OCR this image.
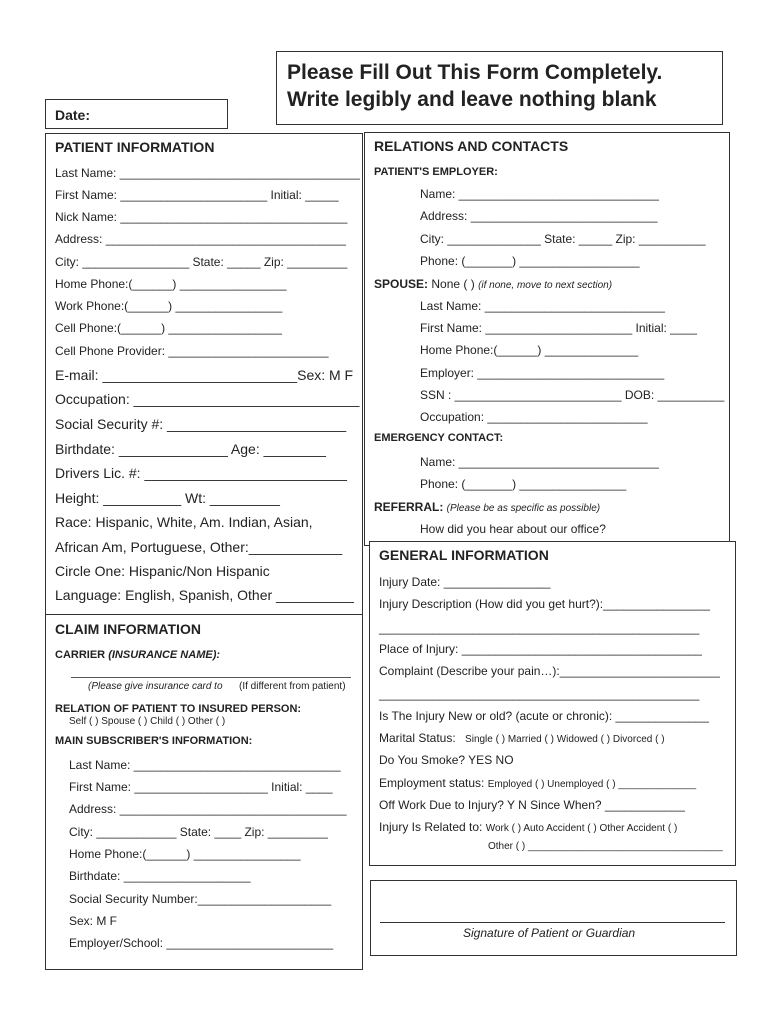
Please Fill Out This Form Completely.
Write legibly and leave nothing blank
Date:
PATIENT INFORMATION
Last Name: ____________________________________
First Name: ______________________ Initial: _____
Nick Name: __________________________________
Address: ____________________________________
City: ________________ State: _____ Zip: _________
Home Phone:(______) ________________
Work Phone:(______) ________________
Cell Phone:(______) _________________
Cell Phone Provider: ________________________
E-mail: _________________________Sex: M F
Occupation: _____________________________
Social Security #: _______________________
Birthdate: ______________ Age: ________
Drivers Lic. #: __________________________
Height: __________ Wt: _________
Race: Hispanic, White, Am. Indian, Asian,
African Am, Portuguese, Other:____________
Circle One: Hispanic/Non Hispanic
Language: English, Spanish, Other __________
CLAIM INFORMATION
CARRIER (INSURANCE NAME):
(Please give insurance card to (If different from patient)
RELATION OF PATIENT TO INSURED PERSON:
Self ( ) Spouse ( ) Child ( ) Other ( )
MAIN SUBSCRIBER'S INFORMATION:
Last Name: _______________________________
First Name: ____________________ Initial: ____
Address: __________________________________
City: ____________ State: ____ Zip: _________
Home Phone:(______) ________________
Birthdate: ___________________
Social Security Number:____________________
Sex: M F
Employer/School: _________________________
RELATIONS AND CONTACTS
PATIENT'S EMPLOYER:
Name: ______________________________
Address: ____________________________
City: ______________ State: _____ Zip: __________
Phone: (_______) __________________
SPOUSE: None ( ) (if none, move to next section)
Last Name: ___________________________
First Name: ______________________ Initial: ____
Home Phone:(______) ______________
Employer: ____________________________
SSN : _________________________ DOB: __________
Occupation: ________________________
EMERGENCY CONTACT:
Name: ______________________________
Phone: (_______) ________________
REFERRAL: (Please be as specific as possible)
How did you hear about our office?
GENERAL INFORMATION
Injury Date: ________________
Injury Description (How did you get hurt?):________________
________________________________________________
Place of Injury: ____________________________________
Complaint (Describe your pain…):________________________
________________________________________________
Is The Injury New or old? (acute or chronic): ______________
Marital Status: Single ( ) Married ( ) Widowed ( ) Divorced ( )
Do You Smoke? YES NO
Employment status: Employed ( ) Unemployed ( ) ______________
Off Work Due to Injury? Y N Since When? ____________
Injury Is Related to: Work ( ) Auto Accident ( ) Other Accident ( )
Other ( ) ___________________________________
Signature of Patient or Guardian
